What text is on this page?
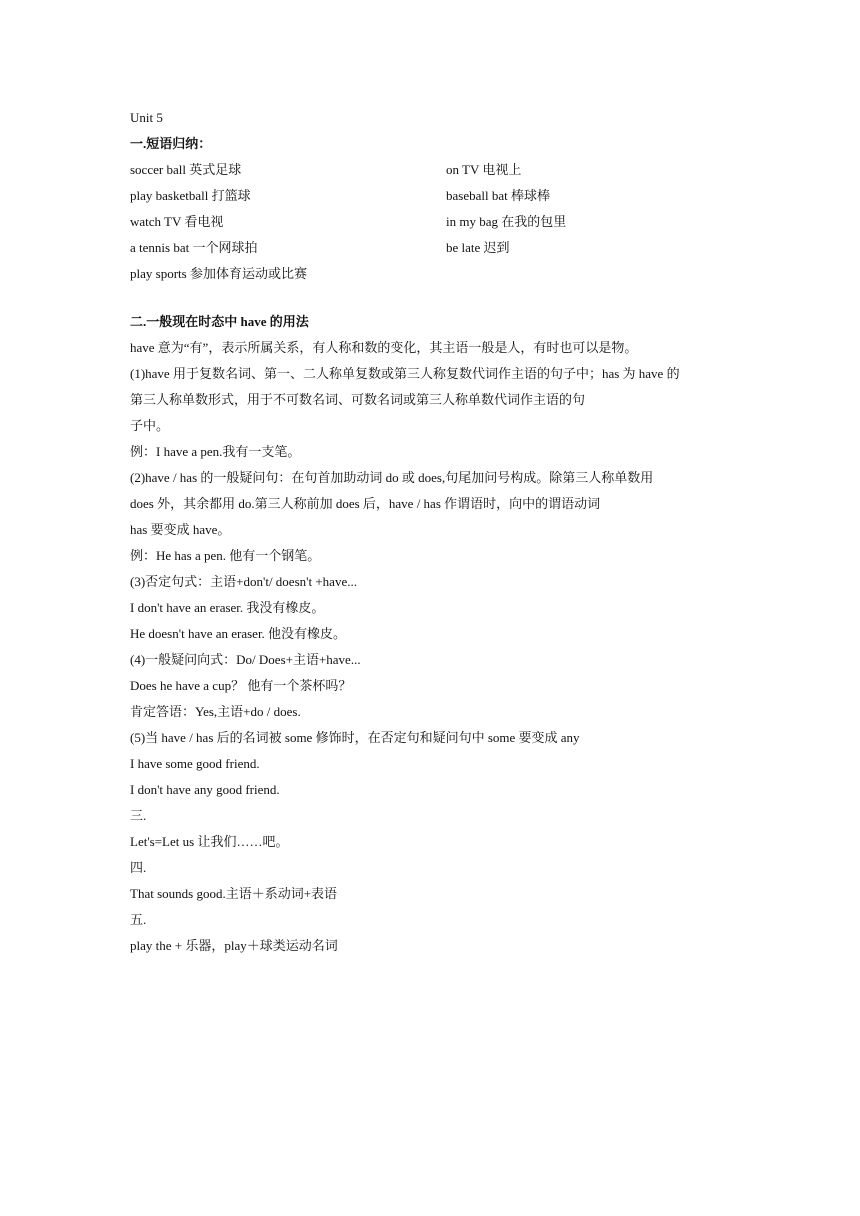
Unit 5
一.短语归纳：
soccer ball 英式足球	on TV 电视上
play basketball 打篮球	baseball bat 棒球棒
watch TV 看电视	in my bag 在我的包里
a tennis bat 一个网球拍	be late 迟到
play sports 参加体育运动或比赛
二.一般现在时态中 have 的用法
have 意为“有”，表示所属关系，有人称和数的变化，其主语一般是人，有时也可以是物。
(1)have 用于复数名词、第一、二人称单复数或第三人称复数代词作主语的句子中；has 为 have 的
第三人称单数形式，用于不可数名词、可数名词或第三人称单数代词作主语的句
子中。
例：I have a pen.我有一支笔。
(2)have / has 的一般疑问句：在句首加助动词 do 或 does,句尾加问号构成。除第三人称单数用
does 外，其余都用 do.第三人称前加 does 后，have / has 作谓语时，向中的谓语动词
has 要变成 have。
例：He has a pen. 他有一个钢笔。
(3)否定句式：主语+don't/ doesn't +have...
I don't have an eraser. 我没有橡皮。
He doesn't have an eraser. 他没有橡皮。
(4)一般疑问向式：Do/ Does+主语+have...
Does he have a cup？ 他有一个茶杯吗？
肯定答语：Yes,主语+do / does.
(5)当 have / has 后的名词被 some 修饰时，在否定句和疑问句中 some 要变成 any
I have some good friend.
I don't have any good friend.
三.
Let's=Let us 让我们……吧。
四.
That sounds good.主语＋系动词+表语
五.
play the + 乐器，play＋球类运动名词
